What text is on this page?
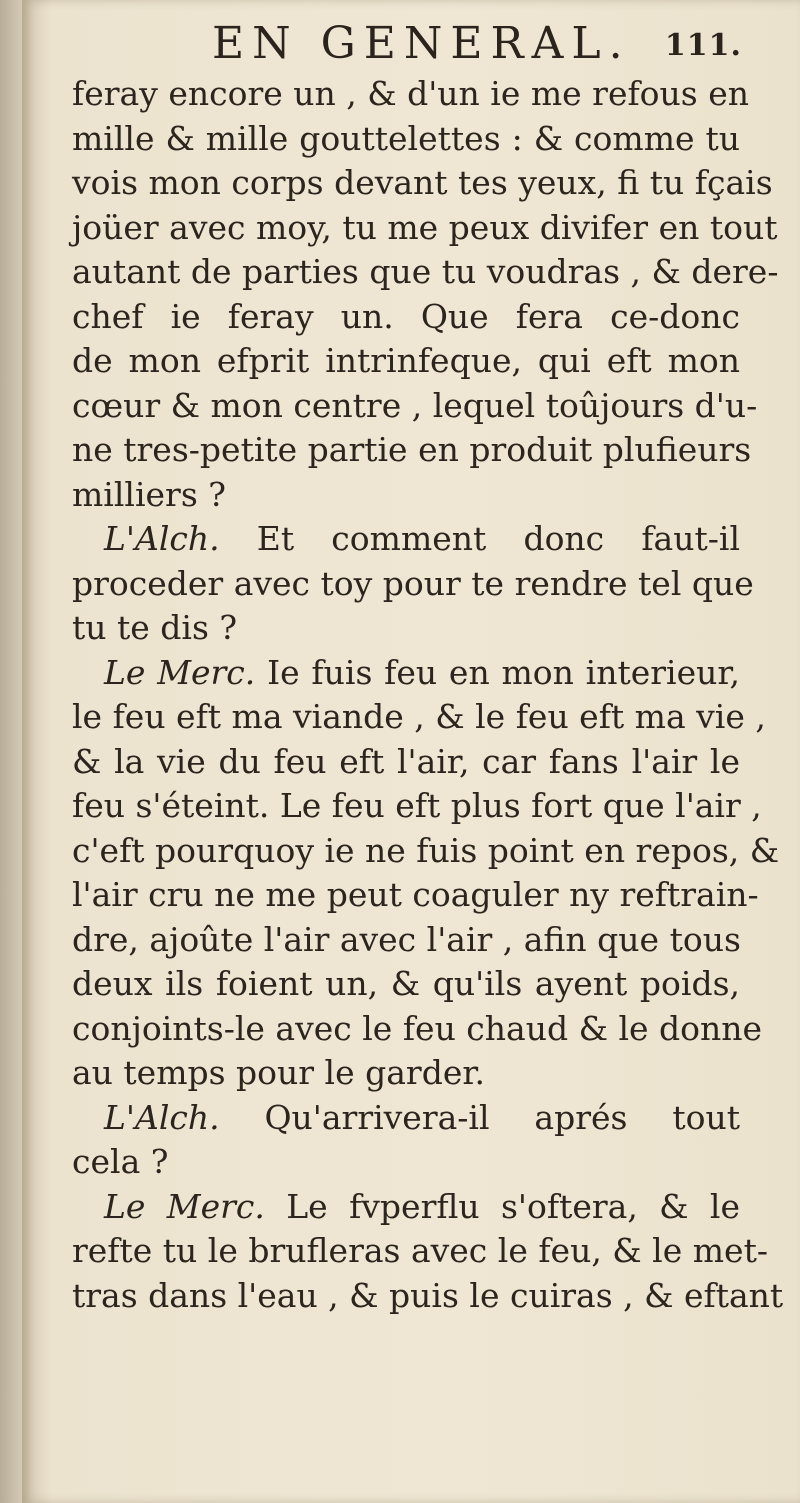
EN GENERAL. 111.
feray encore un , & d'un ie me refous en
mille & mille gouttelettes : & comme tu
vois mon corps devant tes yeux, fi tu fçais
joüer avec moy, tu me peux divifer en tout
autant de parties que tu voudras , & dere-
chef ie feray un. Que fera ce-donc
de mon efprit intrinfeque, qui eft mon
cœur & mon centre , lequel toûjours d'u-
ne tres-petite partie en produit plufieurs
milliers ?
L'Alch. Et comment donc faut-il
proceder avec toy pour te rendre tel que
tu te dis ?
Le Merc. Ie fuis feu en mon interieur,
le feu eft ma viande , & le feu eft ma vie ,
& la vie du feu eft l'air, car fans l'air le
feu s'éteint. Le feu eft plus fort que l'air ,
c'eft pourquoy ie ne fuis point en repos, &
l'air cru ne me peut coaguler ny reftrain-
dre, ajoûte l'air avec l'air , afin que tous
deux ils foient un, & qu'ils ayent poids,
conjoints-le avec le feu chaud & le donne
au temps pour le garder.
L'Alch. Qu'arrivera-il aprés tout
cela ?
Le Merc. Le fvperflu s'oftera, & le
refte tu le brufleras avec le feu, & le met-
tras dans l'eau , & puis le cuiras , & eftant
